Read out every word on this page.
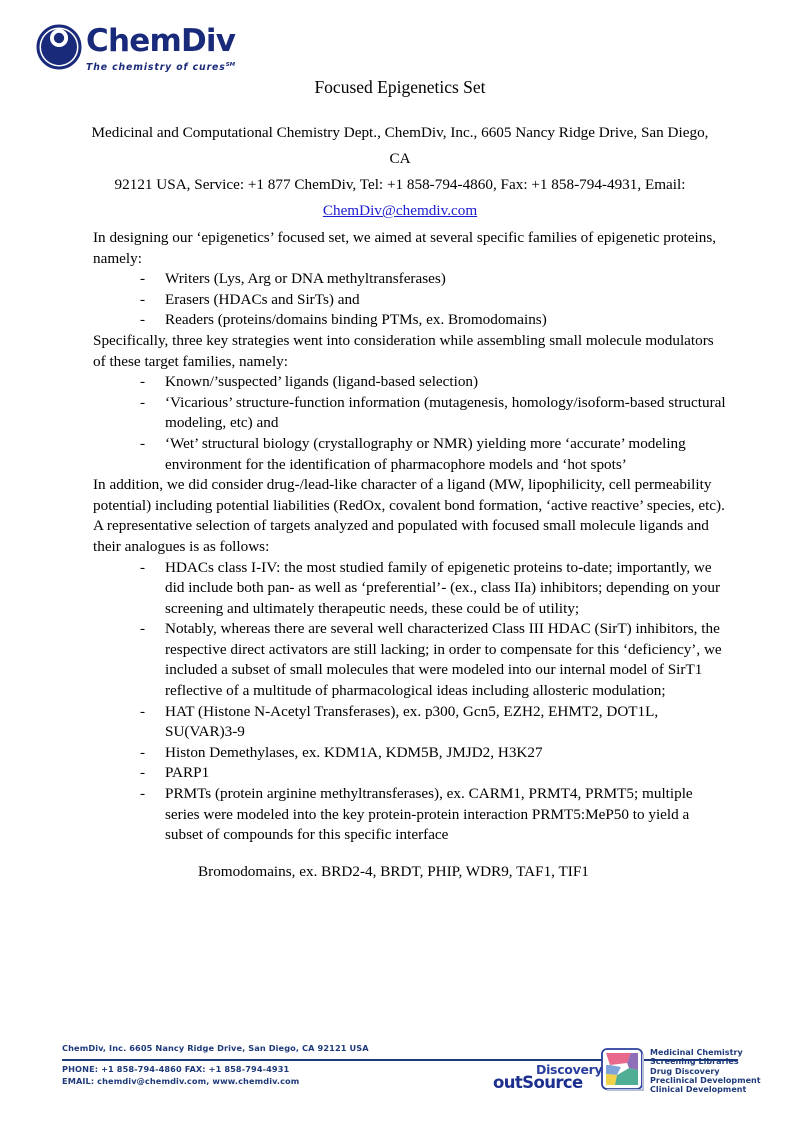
ChemDiv The chemistry of cures℠
Focused Epigenetics Set
Medicinal and Computational Chemistry Dept., ChemDiv, Inc., 6605 Nancy Ridge Drive, San Diego, CA
92121 USA, Service: +1 877 ChemDiv, Tel: +1 858-794-4860, Fax: +1 858-794-4931, Email:
ChemDiv@chemdiv.com

In designing our ‘epigenetics’ focused set, we aimed at several specific families of epigenetic proteins, namely:

- Writers (Lys, Arg or DNA methyltransferases)
- Erasers (HDACs and SirTs) and
- Readers (proteins/domains binding PTMs, ex. Bromodomains)

Specifically, three key strategies went into consideration while assembling small molecule modulators of these target families, namely:

- Known/’suspected’ ligands (ligand-based selection)
- ‘Vicarious’ structure-function information (mutagenesis, homology/isoform-based structural modeling, etc) and
- ‘Wet’ structural biology (crystallography or NMR) yielding more ‘accurate’ modeling environment for the identification of pharmacophore models and ‘hot spots’

In addition, we did consider drug-/lead-like character of a ligand (MW, lipophilicity, cell permeability potential) including potential liabilities (RedOx, covalent bond formation, ‘active reactive’ species, etc).

A representative selection of targets analyzed and populated with focused small molecule ligands and their analogues is as follows:

- HDACs class I-IV: the most studied family of epigenetic proteins to-date; importantly, we did include both pan- as well as ‘preferential’- (ex., class IIa) inhibitors; depending on your screening and ultimately therapeutic needs, these could be of utility;
- Notably, whereas there are several well characterized Class III HDAC (SirT) inhibitors, the respective direct activators are still lacking; in order to compensate for this ‘deficiency’, we included a subset of small molecules that were modeled into our internal model of SirT1 reflective of a multitude of pharmacological ideas including allosteric modulation;
- HAT (Histone N-Acetyl Transferases), ex. p300, Gcn5, EZH2, EHMT2, DOT1L, SU(VAR)3-9
- Histon Demethylases, ex. KDM1A, KDM5B, JMJD2, H3K27
- PARP1
- PRMTs (protein arginine methyltransferases), ex. CARM1, PRMT4, PRMT5; multiple series were modeled into the key protein-protein interaction PRMT5:MeP50 to yield a subset of compounds for this specific interface

Bromodomains, ex. BRD2-4, BRDT, PHIP, WDR9, TAF1, TIF1

ChemDiv, Inc. 6605 Nancy Ridge Drive, San Diego, CA 92121 USA
PHONE: +1 858-794-4860 FAX: +1 858-794-4931
EMAIL: chemdiv@chemdiv.com, www.chemdiv.com
Discovery
outSource
Medicinal Chemistry
Screening Libraries
Drug Discovery
Preclinical Development
Clinical Development
